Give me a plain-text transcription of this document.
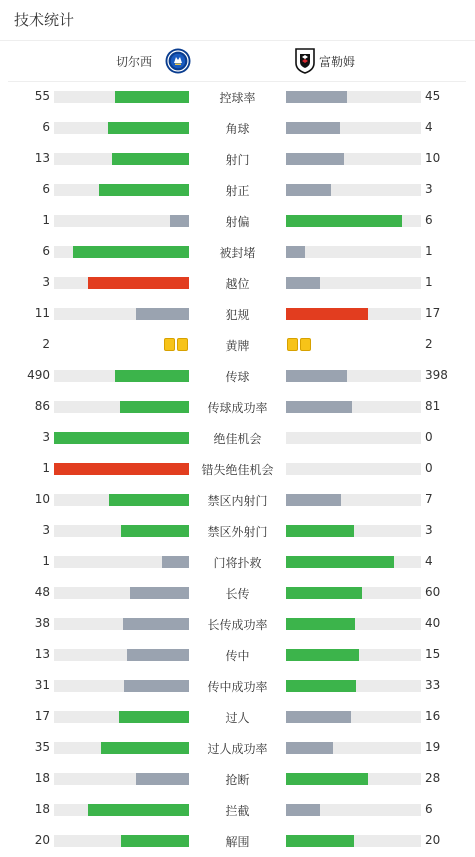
技术统计
切尔西	富勒姆
55	控球率	45
6	角球	4
13	射门	10
6	射正	3
1	射偏	6
6	被封堵	1
3	越位	1
11	犯规	17
2	黄牌	2
490	传球	398
86	传球成功率	81
3	绝佳机会	0
1	错失绝佳机会	0
10	禁区内射门	7
3	禁区外射门	3
1	门将扑救	4
48	长传	60
38	长传成功率	40
13	传中	15
31	传中成功率	33
17	过人	16
35	过人成功率	19
18	抢断	28
18	拦截	6
20	解围	20
